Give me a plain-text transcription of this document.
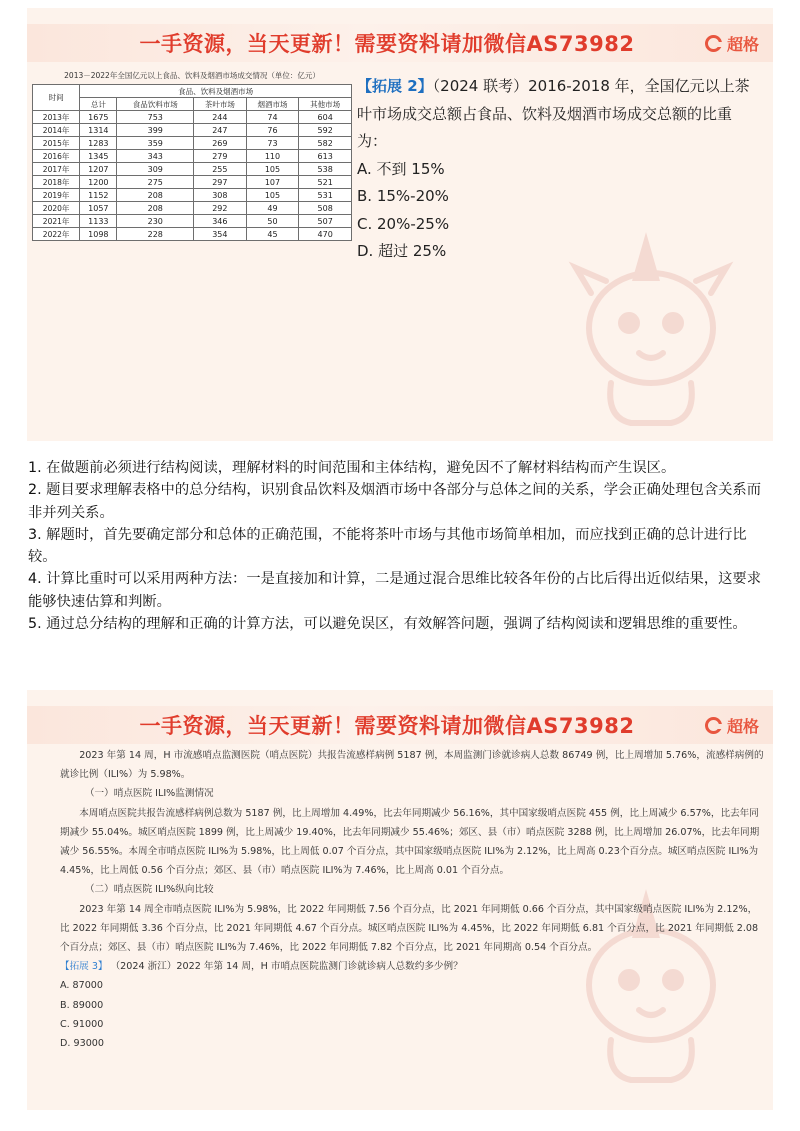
一手资源，当天更新！需要资料请加微信AS73982	超格
2013－2022年全国亿元以上食品、饮料及烟酒市场成交情况（单位：亿元）
时间	食品、饮料及烟酒市场				
	总计	食品饮料市场	茶叶市场	烟酒市场	其他市场
2013年	1675	753	244	74	604
2014年	1314	399	247	76	592
2015年	1283	359	269	73	582
2016年	1345	343	279	110	613
2017年	1207	309	255	105	538
2018年	1200	275	297	107	521
2019年	1152	208	308	105	531
2020年	1057	208	292	49	508
2021年	1133	230	346	50	507
2022年	1098	228	354	45	470
【拓展 2】（2024 联考）2016-2018 年，全国亿元以上茶叶市场成交总额占食品、饮料及烟酒市场成交总额的比重为：
A. 不到 15%
B. 15%-20%
C. 20%-25%
D. 超过 25%

1. 在做题前必须进行结构阅读，理解材料的时间范围和主体结构，避免因不了解材料结构而产生误区。

2. 题目要求理解表格中的总分结构，识别食品饮料及烟酒市场中各部分与总体之间的关系，学会正确处理包含关系而非并列关系。

3. 解题时，首先要确定部分和总体的正确范围，不能将茶叶市场与其他市场简单相加，而应找到正确的总计进行比较。

4. 计算比重时可以采用两种方法：一是直接加和计算，二是通过混合思维比较各年份的占比后得出近似结果，这要求能够快速估算和判断。

5. 通过总分结构的理解和正确的计算方法，可以避免误区，有效解答问题，强调了结构阅读和逻辑思维的重要性。

一手资源，当天更新！需要资料请加微信AS73982	超格

2023 年第 14 周，H 市流感哨点监测医院（哨点医院）共报告流感样病例 5187 例，本周监测门诊就诊病人总数 86749 例，比上周增加 5.76%，流感样病例的就诊比例（ILI%）为 5.98%。

（一）哨点医院 ILI%监测情况

本周哨点医院共报告流感样病例总数为 5187 例，比上周增加 4.49%，比去年同期减少 56.16%，其中国家级哨点医院 455 例，比上周减少 6.57%，比去年同期减少 55.04%。城区哨点医院 1899 例，比上周减少 19.40%，比去年同期减少 55.46%；郊区、县（市）哨点医院 3288 例，比上周增加 26.07%，比去年同期减少 56.55%。本周全市哨点医院 ILI%为 5.98%，比上周低 0.07 个百分点，其中国家级哨点医院 ILI%为 2.12%，比上周高 0.23个百分点。城区哨点医院 ILI%为 4.45%，比上周低 0.56 个百分点；郊区、县（市）哨点医院 ILI%为 7.46%，比上周高 0.01 个百分点。

（二）哨点医院 ILI%纵向比较

2023 年第 14 周全市哨点医院 ILI%为 5.98%，比 2022 年同期低 7.56 个百分点，比 2021 年同期低 0.66 个百分点，其中国家级哨点医院 ILI%为 2.12%，比 2022 年同期低 3.36 个百分点，比 2021 年同期低 4.67 个百分点。城区哨点医院 ILI%为 4.45%，比 2022 年同期低 6.81 个百分点，比 2021 年同期低 2.08 个百分点；郊区、县（市）哨点医院 ILI%为 7.46%，比 2022 年同期低 7.82 个百分点，比 2021 年同期高 0.54 个百分点。

【拓展 3】 （2024 浙江）2022 年第 14 周，H 市哨点医院监测门诊就诊病人总数约多少例？

A. 87000
B. 89000
C. 91000
D. 93000
